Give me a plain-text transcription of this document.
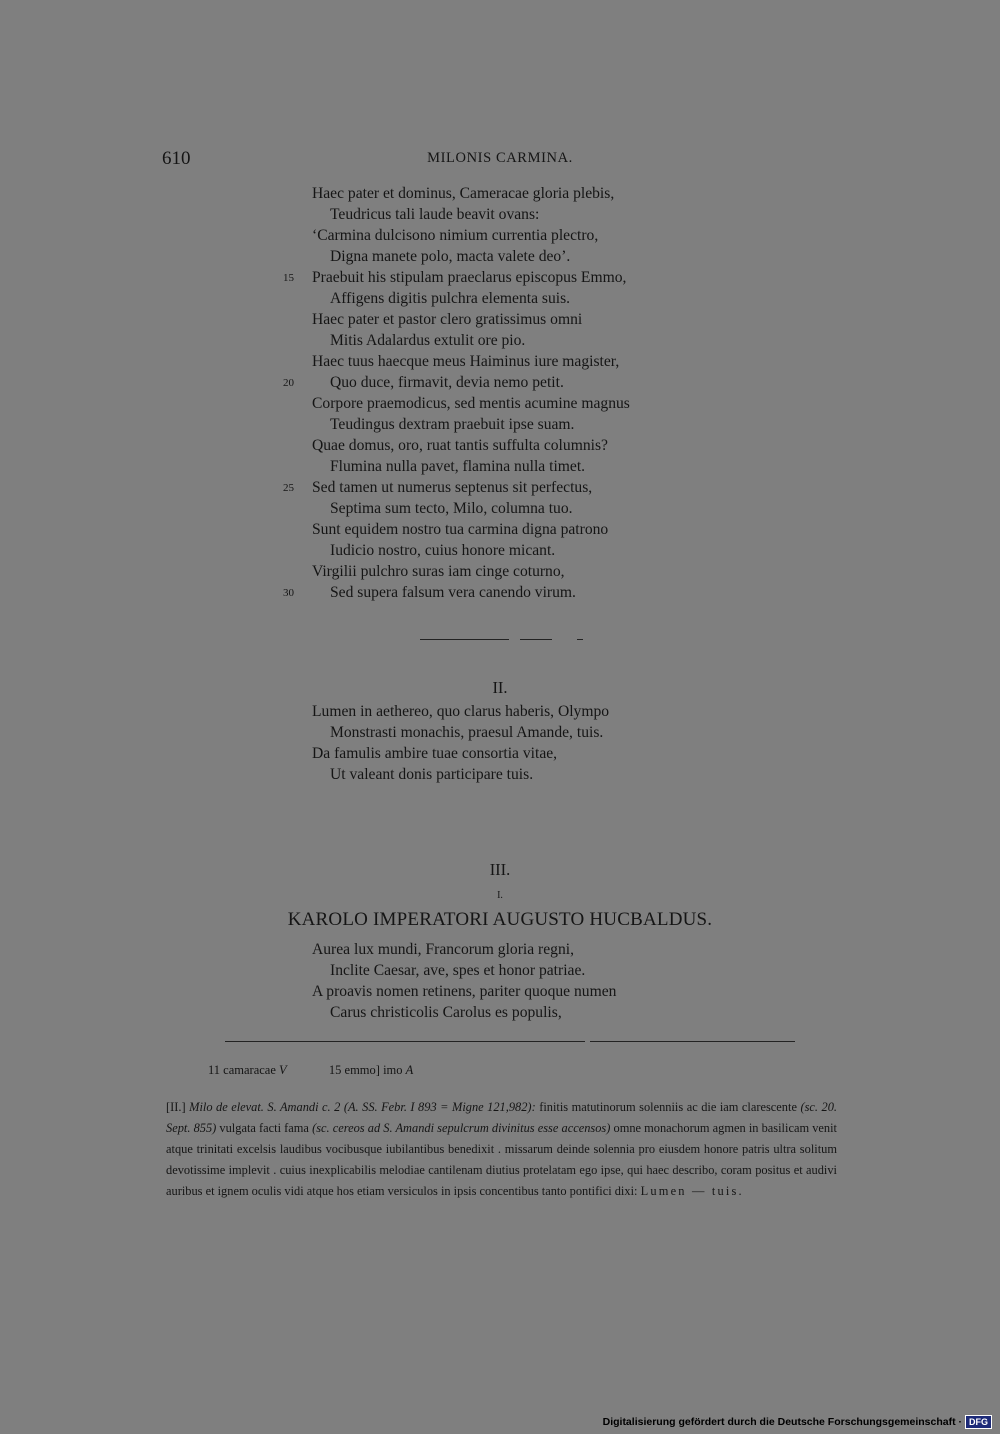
610	MILONIS CARMINA.
Haec pater et dominus, Cameracae gloria plebis,
Teudricus tali laude beavit ovans:
‘Carmina dulcisono nimium currentia plectro,
Digna manete polo, macta valete deo’.
Praebuit his stipulam praeclarus episcopus Emmo,
15
Affigens digitis pulchra elementa suis.
Haec pater et pastor clero gratissimus omni
Mitis Adalardus extulit ore pio.
Haec tuus haecque meus Haiminus iure magister,
Quo duce, firmavit, devia nemo petit.
20
Corpore praemodicus, sed mentis acumine magnus
Teudingus dextram praebuit ipse suam.
Quae domus, oro, ruat tantis suffulta columnis?
Flumina nulla pavet, flamina nulla timet.
Sed tamen ut numerus septenus sit perfectus,
25
Septima sum tecto, Milo, columna tuo.
Sunt equidem nostro tua carmina digna patrono
Iudicio nostro, cuius honore micant.
Virgilii pulchro suras iam cinge coturno,
Sed supera falsum vera canendo virum.
30
II.
Lumen in aethereo, quo clarus haberis, Olympo
Monstrasti monachis, praesul Amande, tuis.
Da famulis ambire tuae consortia vitae,
Ut valeant donis participare tuis.
III.
I.
KAROLO IMPERATORI AUGUSTO HUCBALDUS.
Aurea lux mundi, Francorum gloria regni,
Inclite Caesar, ave, spes et honor patriae.
A proavis nomen retinens, pariter quoque numen
Carus christicolis Carolus es populis,
11 camaracae V	15 emmo] imo A
[II.] Milo de elevat. S. Amandi c. 2 (A. SS. Febr. I 893 = Migne 121,982): finitis matutinorum solenniis ac die iam clarescente (sc. 20. Sept. 855) vulgata facti fama (sc. cereos ad S. Amandi sepulcrum divinitus esse accensos) omne monachorum agmen in basilicam venit atque trinitati excelsis laudibus vocibusque iubilantibus benedixit . missarum deinde solennia pro eiusdem honore patris ultra solitum devotissime implevit . cuius inexplicabilis melodiae cantilenam diutius protelatam ego ipse, qui haec describo, coram positus et audivi auribus et ignem oculis vidi atque hos etiam versiculos in ipsis concentibus tanto pontifici dixi: Lumen — tuis.
Digitalisierung gefördert durch die Deutsche Forschungsgemeinschaft · DFG
